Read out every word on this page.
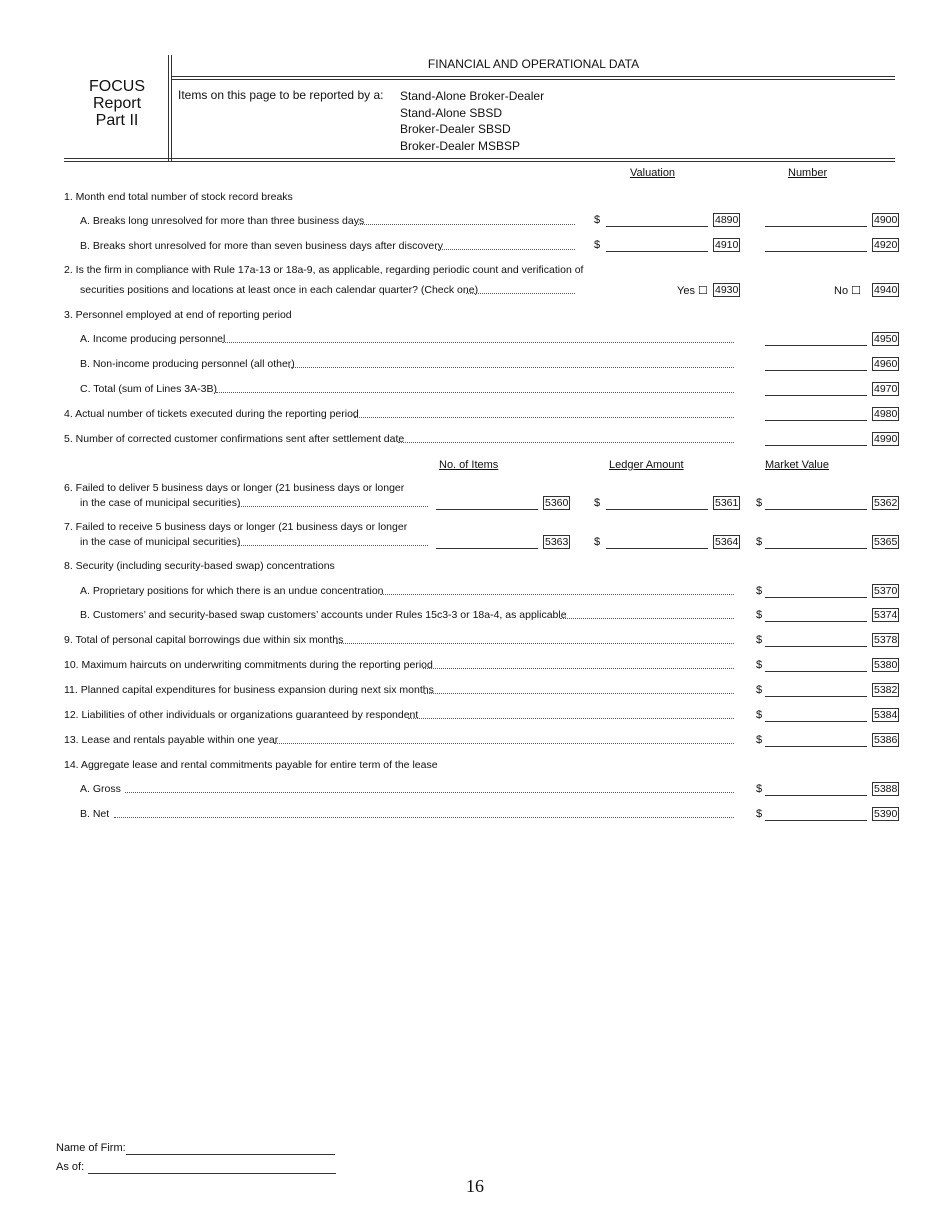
FOCUS
Report
Part II
FINANCIAL AND OPERATIONAL DATA
Items on this page to be reported by a: Stand-Alone Broker-Dealer
Stand-Alone SBSD
Broker-Dealer SBSD
Broker-Dealer MSBSP
Valuation	Number
1. Month end total number of stock record breaks
A. Breaks long unresolved for more than three business days	$	4890	4900
B. Breaks short unresolved for more than seven business days after discovery	$	4910	4920
2. Is the firm in compliance with Rule 17a-13 or 18a-9, as applicable, regarding periodic count and verification of
securities positions and locations at least once in each calendar quarter? (Check one)	Yes ☐ 4930	No ☐ 4940
3. Personnel employed at end of reporting period
A. Income producing personnel	4950
B. Non-income producing personnel (all other)	4960
C. Total (sum of Lines 3A-3B)	4970
4. Actual number of tickets executed during the reporting period	4980
5. Number of corrected customer confirmations sent after settlement date	4990
No. of Items	Ledger Amount	Market Value
6. Failed to deliver 5 business days or longer (21 business days or longer
in the case of municipal securities)	5360 $	5361 $	5362
7. Failed to receive 5 business days or longer (21 business days or longer
in the case of municipal securities)	5363 $	5364 $	5365
8. Security (including security-based swap) concentrations
A. Proprietary positions for which there is an undue concentration	$	5370
B. Customers’ and security-based swap customers’ accounts under Rules 15c3-3 or 18a-4, as applicable	$	5374
9. Total of personal capital borrowings due within six months	$	5378
10. Maximum haircuts on underwriting commitments during the reporting period	$	5380
11. Planned capital expenditures for business expansion during next six months	$	5382
12. Liabilities of other individuals or organizations guaranteed by respondent	$	5384
13. Lease and rentals payable within one year	$	5386
14. Aggregate lease and rental commitments payable for entire term of the lease
A. Gross	$	5388
B. Net	$	5390
Name of Firm:
As of:
16
